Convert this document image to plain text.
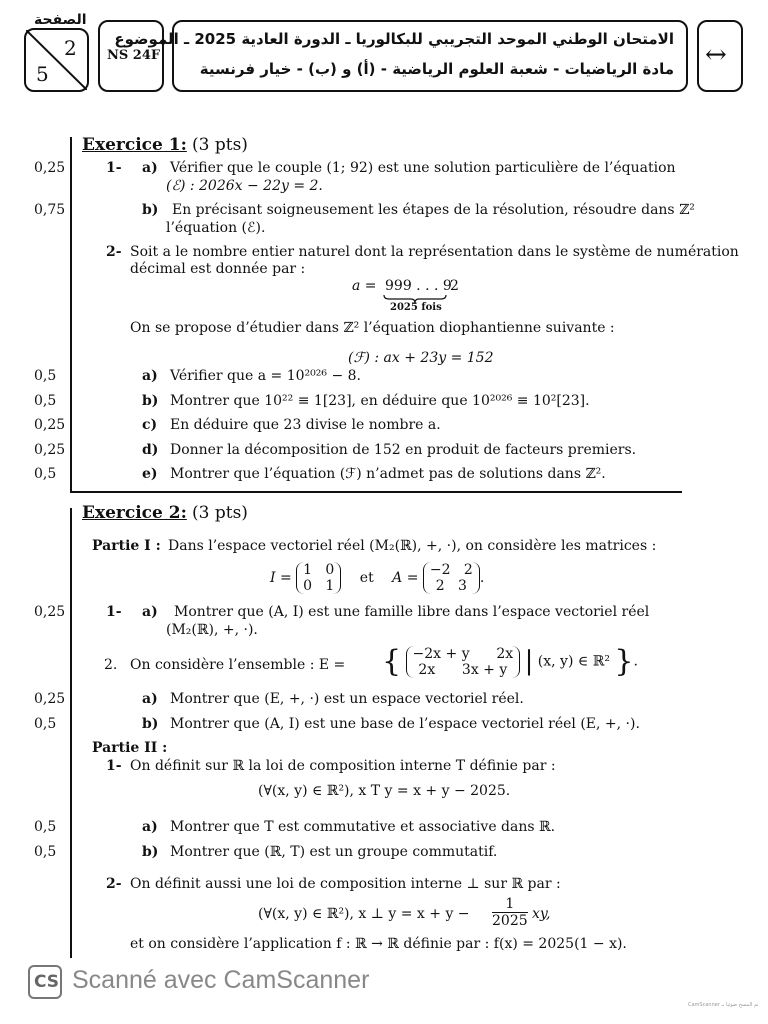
2
5
الصفحة
NS 24F
الامتحان الوطني الموحد التجريبي للبكالوريا ـ الدورة العادية 2025 ـ الموضوع
مادة الرياضيات - شعبة العلوم الرياضية - (أ) و (ب) - خيار فرنسية ↔
Exercice 1: (3 pts)
0,25	1- a) Vérifier que le couple (1; 92) est une solution particulière de l’équation
(ℰ) : 2026x − 22y = 2.
0,75	b) En précisant soigneusement les étapes de la résolution, résoudre dans ℤ²
l’équation (ℰ).
2- Soit a le nombre entier naturel dont la représentation dans le système de numération
décimal est donnée par :
a = 999 . . . 9
2
2025 fois
On se propose d’étudier dans ℤ² l’équation diophantienne suivante :
(ℱ) : ax + 23y = 152
0,5	a) Vérifier que a = 10²⁰²⁶ − 8.
0,5	b) Montrer que 10²² ≡ 1[23], en déduire que 10²⁰²⁶ ≡ 10²[23].
0,25	c) En déduire que 23 divise le nombre a.
0,25	d) Donner la décomposition de 152 en produit de facteurs premiers.
0,5	e) Montrer que l’équation (ℱ) n’admet pas de solutions dans ℤ².
Exercice 2: (3 pts)
Partie I : Dans l’espace vectoriel réel (M₂(ℝ), +, ·), on considère les matrices :
I = 1   0
0   1 et A = −2   2
2   3 .
0,25	1- a) Montrer que (A, I) est une famille libre dans l’espace vectoriel réel
(M₂(ℝ), +, ·).
2. On considère l’ensemble : E = { −2x + y      2x
2x      3x + y | (x, y) ∈ ℝ² }.
0,25	a) Montrer que (E, +, ·) est un espace vectoriel réel.
0,5	b) Montrer que (A, I) est une base de l’espace vectoriel réel (E, +, ·).
Partie II :
1- On définit sur ℝ la loi de composition interne T définie par :
(∀(x, y) ∈ ℝ²), x T y = x + y − 2025.
0,5	a) Montrer que T est commutative et associative dans ℝ.
0,5	b) Montrer que (ℝ, T) est un groupe commutatif.
2- On définit aussi une loi de composition interne ⊥ sur ℝ par :
(∀(x, y) ∈ ℝ²), x ⊥ y = x + y −
1
2025 xy,
et on considère l’application f : ℝ → ℝ définie par : f(x) = 2025(1 − x).
CS Scanné avec CamScanner
CamScanner تم المسح ضوئيا بـ
